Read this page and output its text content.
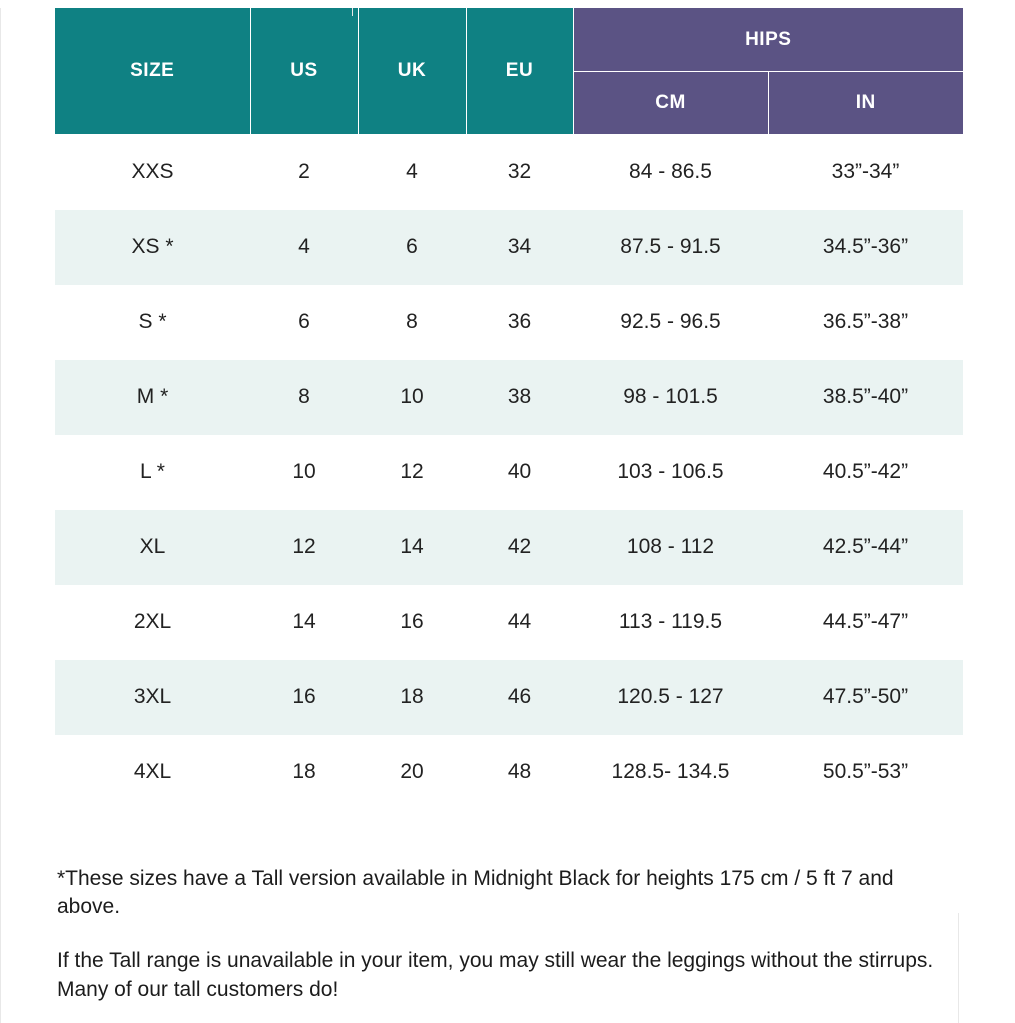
SIZE	US	UK	EU	HIPS	
				CM	IN
XXS	2	4	32	84 - 86.5	33”-34”
XS *	4	6	34	87.5 - 91.5	34.5”-36”
S *	6	8	36	92.5 - 96.5	36.5”-38”
M *	8	10	38	98 - 101.5	38.5”-40”
L *	10	12	40	103 - 106.5	40.5”-42”
XL	12	14	42	108 - 112	42.5”-44”
2XL	14	16	44	113 - 119.5	44.5”-47”
3XL	16	18	46	120.5 - 127	47.5”-50”
4XL	18	20	48	128.5- 134.5	50.5”-53”

*These sizes have a Tall version available in Midnight Black for heights 175 cm / 5 ft 7 and above.

If the Tall range is unavailable in your item, you may still wear the leggings without the stirrups. Many of our tall customers do!
